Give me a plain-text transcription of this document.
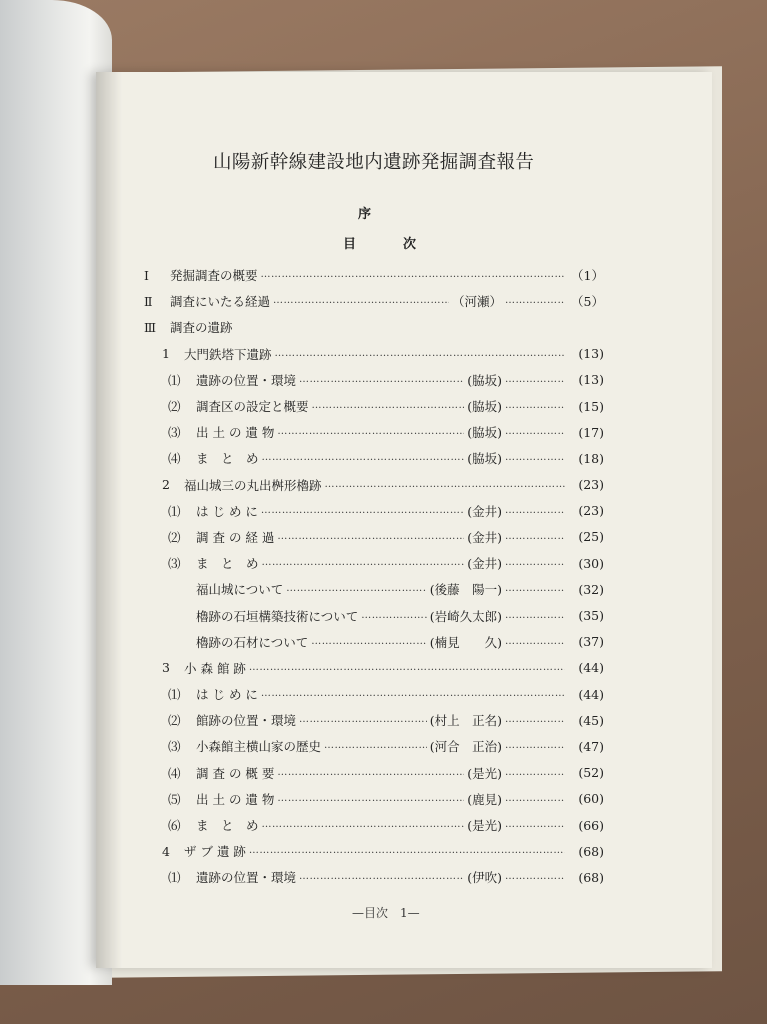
山陽新幹線建設地内遺跡発掘調査報告
序
目	次
Ⅰ	発掘調査の概要 ………………………………………………………………………………………………………………………………………………………………………………………………	（1）
Ⅱ	調査にいたる経過 ………………………………………………………………………………………………………………………………………………………………………………………………	（河瀬） ………………………………………………………………………………………………………………………………………………………………………………………………	（5）
Ⅲ	調査の遺跡
1	大門鉄塔下遺跡 ………………………………………………………………………………………………………………………………………………………………………………………………	(13)
⑴	遺跡の位置・環境 ………………………………………………………………………………………………………………………………………………………………………………………………	(脇坂) ………………………………………………………………………………………………………………………………………………………………………………………………	(13)
⑵	調査区の設定と概要 ………………………………………………………………………………………………………………………………………………………………………………………………	(脇坂) ………………………………………………………………………………………………………………………………………………………………………………………………	(15)
⑶	出 土 の 遺 物 ………………………………………………………………………………………………………………………………………………………………………………………………	(脇坂) ………………………………………………………………………………………………………………………………………………………………………………………………	(17)
⑷	ま　と　め ………………………………………………………………………………………………………………………………………………………………………………………………	(脇坂) ………………………………………………………………………………………………………………………………………………………………………………………………	(18)
2	福山城三の丸出桝形櫓跡 ………………………………………………………………………………………………………………………………………………………………………………………………	(23)
⑴	は じ め に ………………………………………………………………………………………………………………………………………………………………………………………………	(金井) ………………………………………………………………………………………………………………………………………………………………………………………………	(23)
⑵	調 査 の 経 過 ………………………………………………………………………………………………………………………………………………………………………………………………	(金井) ………………………………………………………………………………………………………………………………………………………………………………………………	(25)
⑶	ま　と　め ………………………………………………………………………………………………………………………………………………………………………………………………	(金井) ………………………………………………………………………………………………………………………………………………………………………………………………	(30)
福山城について ………………………………………………………………………………………………………………………………………………………………………………………………	(後藤　陽一) ………………………………………………………………………………………………………………………………………………………………………………………………	(32)
櫓跡の石垣構築技術について ………………………………………………………………………………………………………………………………………………………………………………………………	(岩崎久太郎) ………………………………………………………………………………………………………………………………………………………………………………………………	(35)
櫓跡の石材について ………………………………………………………………………………………………………………………………………………………………………………………………	(楠見　　久) ………………………………………………………………………………………………………………………………………………………………………………………………	(37)
3	小 森 館 跡 ………………………………………………………………………………………………………………………………………………………………………………………………	(44)
⑴	は じ め に ………………………………………………………………………………………………………………………………………………………………………………………………	(44)
⑵	館跡の位置・環境 ………………………………………………………………………………………………………………………………………………………………………………………………	(村上　正名) ………………………………………………………………………………………………………………………………………………………………………………………………	(45)
⑶	小森館主横山家の歴史 ………………………………………………………………………………………………………………………………………………………………………………………………	(河合　正治) ………………………………………………………………………………………………………………………………………………………………………………………………	(47)
⑷	調 査 の 概 要 ………………………………………………………………………………………………………………………………………………………………………………………………	(是光) ………………………………………………………………………………………………………………………………………………………………………………………………	(52)
⑸	出 土 の 遺 物 ………………………………………………………………………………………………………………………………………………………………………………………………	(鹿見) ………………………………………………………………………………………………………………………………………………………………………………………………	(60)
⑹	ま　と　め ………………………………………………………………………………………………………………………………………………………………………………………………	(是光) ………………………………………………………………………………………………………………………………………………………………………………………………	(66)
4	ザ ブ 遺 跡 ………………………………………………………………………………………………………………………………………………………………………………………………	(68)
⑴	遺跡の位置・環境 ………………………………………………………………………………………………………………………………………………………………………………………………	(伊吹) ………………………………………………………………………………………………………………………………………………………………………………………………	(68)
—目次　1—
